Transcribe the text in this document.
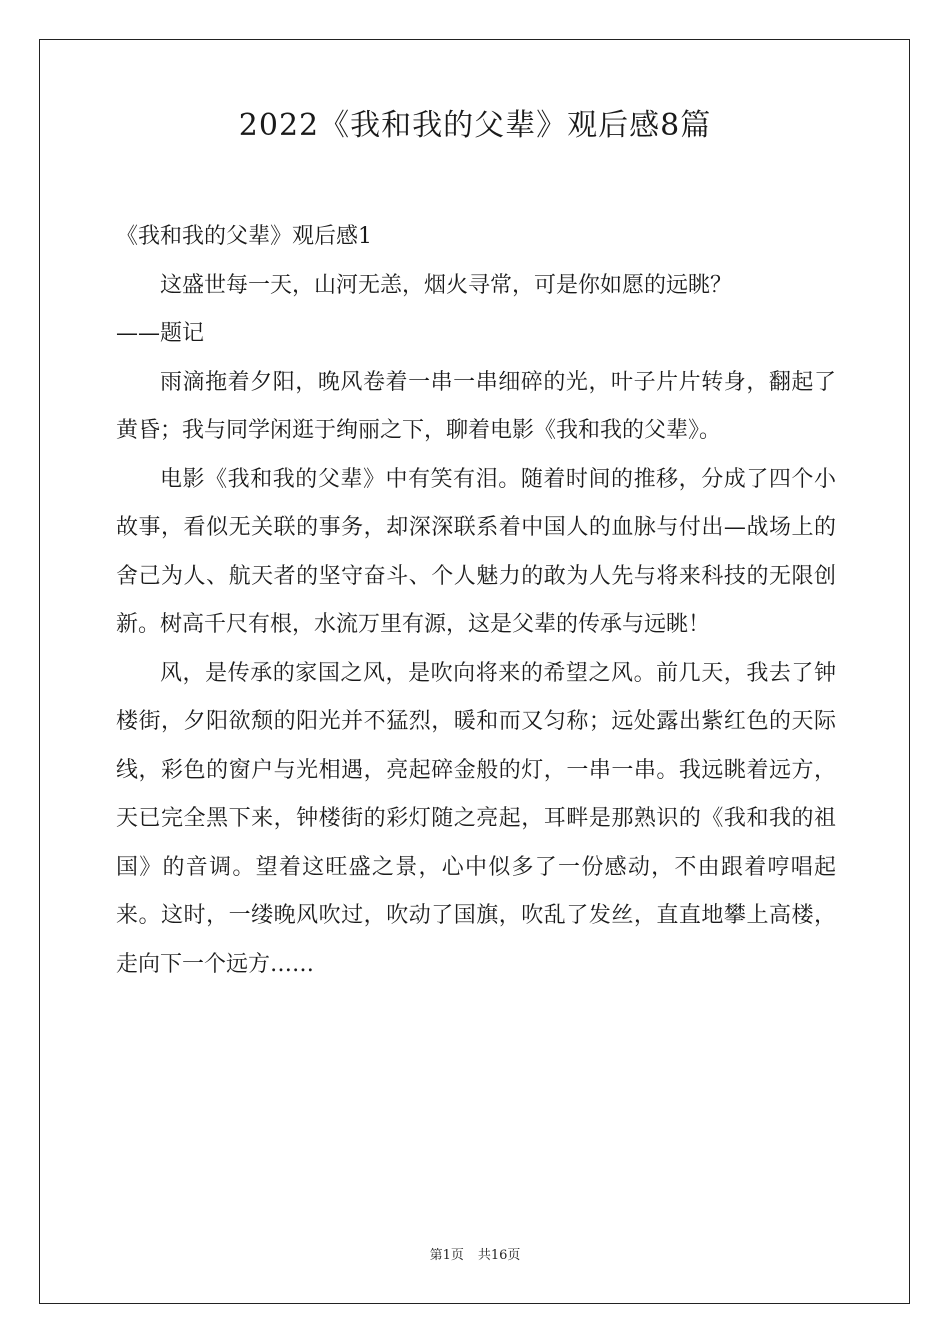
2022《我和我的父辈》观后感8篇
《我和我的父辈》观后感1

这盛世每一天，山河无恙，烟火寻常，可是你如愿的远眺？

——题记

雨滴拖着夕阳，晚风卷着一串一串细碎的光，叶子片片转身，翻起了黄昏；我与同学闲逛于绚丽之下，聊着电影《我和我的父辈》。

电影《我和我的父辈》中有笑有泪。随着时间的推移，分成了四个小故事，看似无关联的事务，却深深联系着中国人的血脉与付出—战场上的舍己为人、航天者的坚守奋斗、个人魅力的敢为人先与将来科技的无限创新。树高千尺有根，水流万里有源，这是父辈的传承与远眺！

风，是传承的家国之风，是吹向将来的希望之风。前几天，我去了钟楼街，夕阳欲颓的阳光并不猛烈，暖和而又匀称；远处露出紫红色的天际线，彩色的窗户与光相遇，亮起碎金般的灯，一串一串。我远眺着远方，天已完全黑下来，钟楼街的彩灯随之亮起，耳畔是那熟识的《我和我的祖国》的音调。望着这旺盛之景，心中似多了一份感动，不由跟着哼唱起来。这时，一缕晚风吹过，吹动了国旗，吹乱了发丝，直直地攀上高楼，走向下一个远方……

第1页 共16页
